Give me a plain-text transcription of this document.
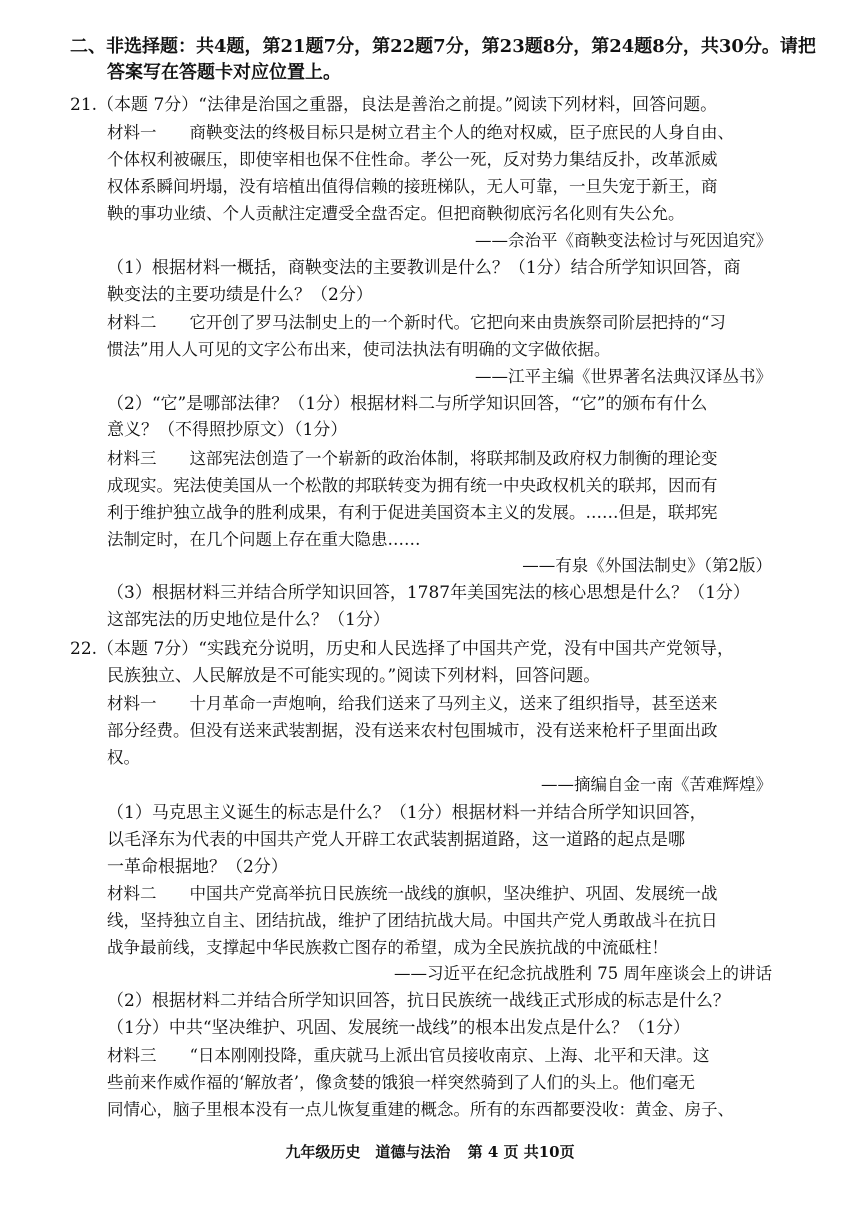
二、非选择题：共4题，第21题7分，第22题7分，第23题8分，第24题8分，共30分。请把
答案写在答题卡对应位置上。
21.（本题 7分）“法律是治国之重器，良法是善治之前提。”阅读下列材料，回答问题。
材料一　　商鞅变法的终极目标只是树立君主个人的绝对权威，臣子庶民的人身自由、
个体权利被碾压，即使宰相也保不住性命。孝公一死，反对势力集结反扑，改革派威
权体系瞬间坍塌，没有培植出值得信赖的接班梯队，无人可靠，一旦失宠于新王，商
鞅的事功业绩、个人贡献注定遭受全盘否定。但把商鞅彻底污名化则有失公允。
——佘治平《商鞅变法检讨与死因追究》
（1）根据材料一概括，商鞅变法的主要教训是什么？（1分）结合所学知识回答，商
鞅变法的主要功绩是什么？（2分）
材料二　　它开创了罗马法制史上的一个新时代。它把向来由贵族祭司阶层把持的“习
惯法”用人人可见的文字公布出来，使司法执法有明确的文字做依据。
——江平主编《世界著名法典汉译丛书》
（2）“它”是哪部法律？（1分）根据材料二与所学知识回答，“它”的颁布有什么
意义？（不得照抄原文）（1分）
材料三　　这部宪法创造了一个崭新的政治体制，将联邦制及政府权力制衡的理论变
成现实。宪法使美国从一个松散的邦联转变为拥有统一中央政权机关的联邦，因而有
利于维护独立战争的胜利成果，有利于促进美国资本主义的发展。……但是，联邦宪
法制定时，在几个问题上存在重大隐患……
——有泉《外国法制史》（第2版）
（3）根据材料三并结合所学知识回答，1787年美国宪法的核心思想是什么？（1分）
这部宪法的历史地位是什么？（1分）
22.（本题 7分）“实践充分说明，历史和人民选择了中国共产党，没有中国共产党领导，
民族独立、人民解放是不可能实现的。”阅读下列材料，回答问题。
材料一　　十月革命一声炮响，给我们送来了马列主义，送来了组织指导，甚至送来
部分经费。但没有送来武装割据，没有送来农村包围城市，没有送来枪杆子里面出政
权。
——摘编自金一南《苦难辉煌》
（1）马克思主义诞生的标志是什么？（1分）根据材料一并结合所学知识回答，
以毛泽东为代表的中国共产党人开辟工农武装割据道路，这一道路的起点是哪
一革命根据地？（2分）
材料二　　中国共产党高举抗日民族统一战线的旗帜，坚决维护、巩固、发展统一战
线，坚持独立自主、团结抗战，维护了团结抗战大局。中国共产党人勇敢战斗在抗日
战争最前线，支撑起中华民族救亡图存的希望，成为全民族抗战的中流砥柱！
——习近平在纪念抗战胜利 75 周年座谈会上的讲话
（2）根据材料二并结合所学知识回答，抗日民族统一战线正式形成的标志是什么？
（1分）中共“坚决维护、巩固、发展统一战线”的根本出发点是什么？（1分）
材料三　　“日本刚刚投降，重庆就马上派出官员接收南京、上海、北平和天津。这
些前来作威作福的‘解放者’，像贪婪的饿狼一样突然骑到了人们的头上。他们毫无
同情心，脑子里根本没有一点儿恢复重建的概念。所有的东西都要没收：黄金、房子、
九年级历史　道德与法治 第 4 页 共10页
